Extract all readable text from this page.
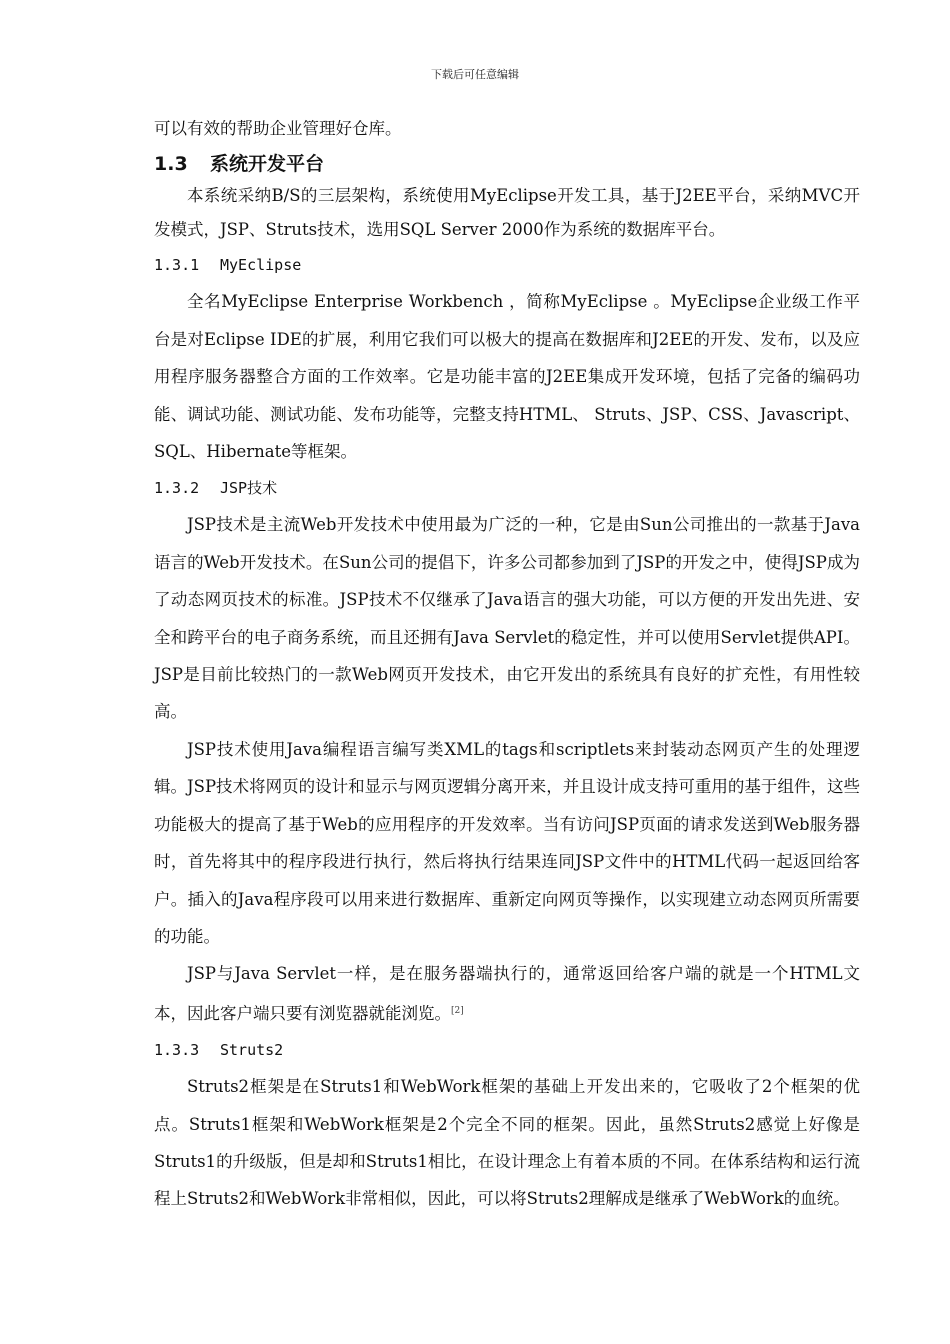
下载后可任意编辑

可以有效的帮助企业管理好仓库。

1.3 系统开发平台

本系统采纳B/S的三层架构，系统使用MyEclipse开发工具，基于J2EE平台，采纳MVC开发模式，JSP、Struts技术，选用SQL Server 2000作为系统的数据库平台。

1.3.1 MyEclipse

全名MyEclipse Enterprise Workbench ，简称MyEclipse 。MyEclipse企业级工作平台是对Eclipse IDE的扩展，利用它我们可以极大的提高在数据库和J2EE的开发、发布，以及应用程序服务器整合方面的工作效率。它是功能丰富的J2EE集成开发环境，包括了完备的编码功能、调试功能、测试功能、发布功能等，完整支持HTML、 Struts、JSP、CSS、Javascript、SQL、Hibernate等框架。

1.3.2 JSP技术

JSP技术是主流Web开发技术中使用最为广泛的一种，它是由Sun公司推出的一款基于Java语言的Web开发技术。在Sun公司的提倡下，许多公司都参加到了JSP的开发之中，使得JSP成为了动态网页技术的标准。JSP技术不仅继承了Java语言的强大功能，可以方便的开发出先进、安全和跨平台的电子商务系统，而且还拥有Java Servlet的稳定性，并可以使用Servlet提供API。JSP是目前比较热门的一款Web网页开发技术，由它开发出的系统具有良好的扩充性，有用性较高。

JSP技术使用Java编程语言编写类XML的tags和scriptlets来封装动态网页产生的处理逻辑。JSP技术将网页的设计和显示与网页逻辑分离开来，并且设计成支持可重用的基于组件，这些功能极大的提高了基于Web的应用程序的开发效率。当有访问JSP页面的请求发送到Web服务器时，首先将其中的程序段进行执行，然后将执行结果连同JSP文件中的HTML代码一起返回给客户。插入的Java程序段可以用来进行数据库、重新定向网页等操作，以实现建立动态网页所需要的功能。

JSP与Java Servlet一样，是在服务器端执行的，通常返回给客户端的就是一个HTML文本，因此客户端只要有浏览器就能浏览。[2]

1.3.3 Struts2

Struts2框架是在Struts1和WebWork框架的基础上开发出来的，它吸收了2个框架的优点。Struts1框架和WebWork框架是2个完全不同的框架。因此，虽然Struts2感觉上好像是Struts1的升级版，但是却和Struts1相比，在设计理念上有着本质的不同。在体系结构和运行流程上Struts2和WebWork非常相似，因此，可以将Struts2理解成是继承了WebWork的血统。
